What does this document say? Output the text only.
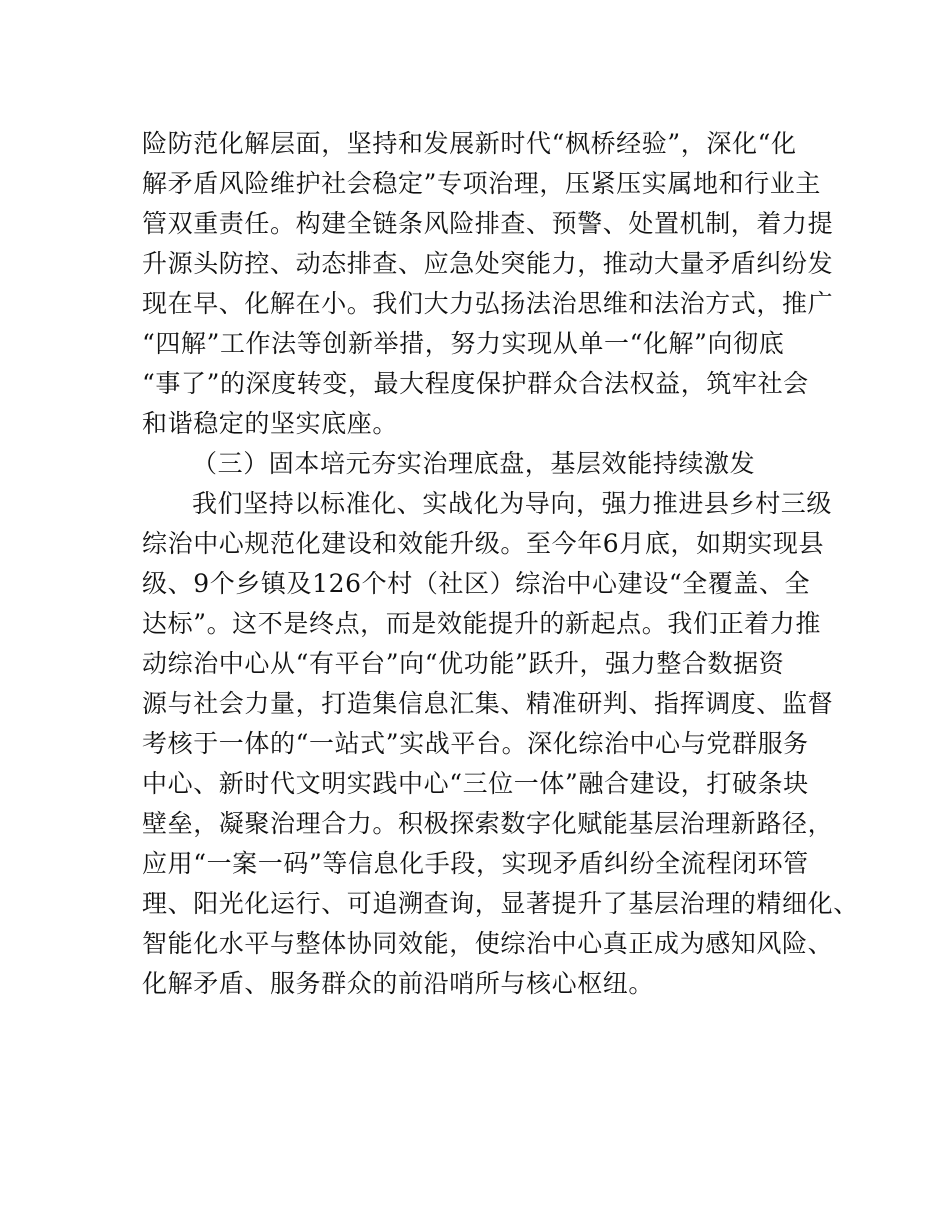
险防范化解层面，坚持和发展新时代“枫桥经验”，深化“化
解矛盾风险维护社会稳定”专项治理，压紧压实属地和行业主
管双重责任。构建全链条风险排查、预警、处置机制，着力提
升源头防控、动态排查、应急处突能力，推动大量矛盾纠纷发
现在早、化解在小。我们大力弘扬法治思维和法治方式，推广
“四解”工作法等创新举措，努力实现从单一“化解”向彻底
“事了”的深度转变，最大程度保护群众合法权益，筑牢社会
和谐稳定的坚实底座。
（三）固本培元夯实治理底盘，基层效能持续激发
我们坚持以标准化、实战化为导向，强力推进县乡村三级
综治中心规范化建设和效能升级。至今年6月底，如期实现县
级、9个乡镇及126个村（社区）综治中心建设“全覆盖、全
达标”。这不是终点，而是效能提升的新起点。我们正着力推
动综治中心从“有平台”向“优功能”跃升，强力整合数据资
源与社会力量，打造集信息汇集、精准研判、指挥调度、监督
考核于一体的“一站式”实战平台。深化综治中心与党群服务
中心、新时代文明实践中心“三位一体”融合建设，打破条块
壁垒，凝聚治理合力。积极探索数字化赋能基层治理新路径，
应用“一案一码”等信息化手段，实现矛盾纠纷全流程闭环管
理、阳光化运行、可追溯查询，显著提升了基层治理的精细化、
智能化水平与整体协同效能，使综治中心真正成为感知风险、
化解矛盾、服务群众的前沿哨所与核心枢纽。
